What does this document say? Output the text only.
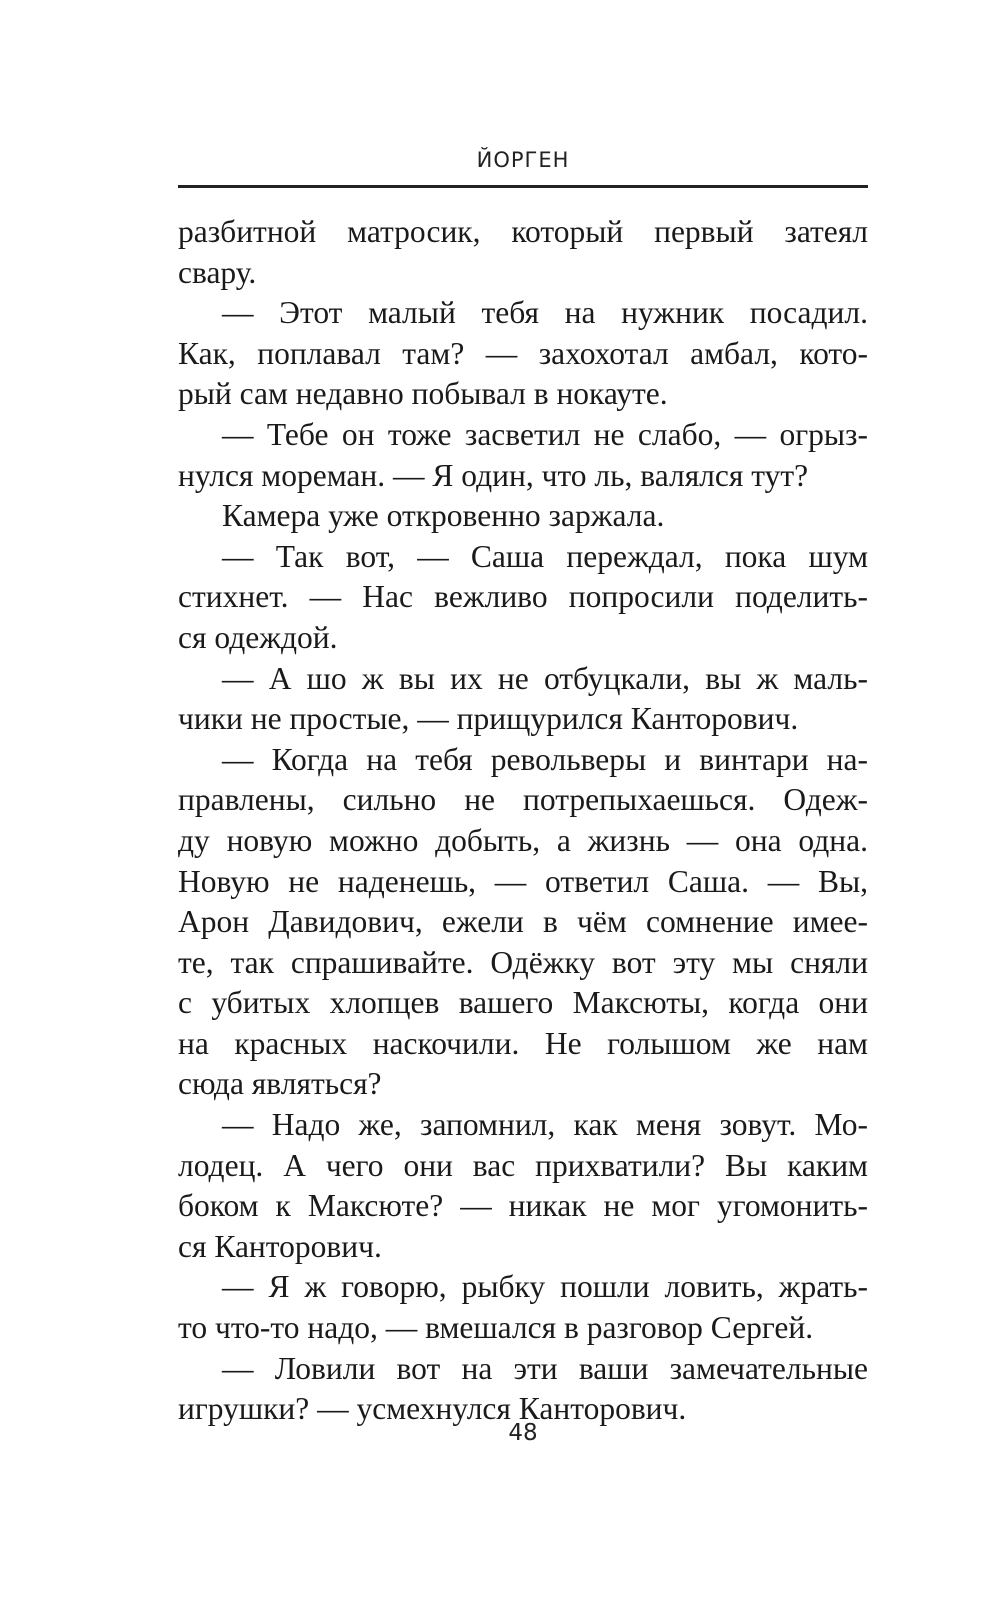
ЙОРГЕН
разбитной матросик, который первый затеял
свару.
— Этот малый тебя на нужник посадил.
Как, поплавал там? — захохотал амбал, кото-
рый сам недавно побывал в нокауте.
— Тебе он тоже засветил не слабо, — огрыз-
нулся мореман. — Я один, что ль, валялся тут?
Камера уже откровенно заржала.
— Так вот, — Саша переждал, пока шум
стихнет. — Нас вежливо попросили поделить-
ся одеждой.
— А шо ж вы их не отбуцкали, вы ж маль-
чики не простые, — прищурился Канторович.
— Когда на тебя револьверы и винтари на-
правлены, сильно не потрепыхаешься. Одеж-
ду новую можно добыть, а жизнь — она одна.
Новую не наденешь, — ответил Саша. — Вы,
Арон Давидович, ежели в чём сомнение имее-
те, так спрашивайте. Одёжку вот эту мы сняли
с убитых хлопцев вашего Максюты, когда они
на красных наскочили. Не голышом же нам
сюда являться?
— Надо же, запомнил, как меня зовут. Мо-
лодец. А чего они вас прихватили? Вы каким
боком к Максюте? — никак не мог угомонить-
ся Канторович.
— Я ж говорю, рыбку пошли ловить, жрать-
то что-то надо, — вмешался в разговор Сергей.
— Ловили вот на эти ваши замечательные
игрушки? — усмехнулся Канторович.
48
